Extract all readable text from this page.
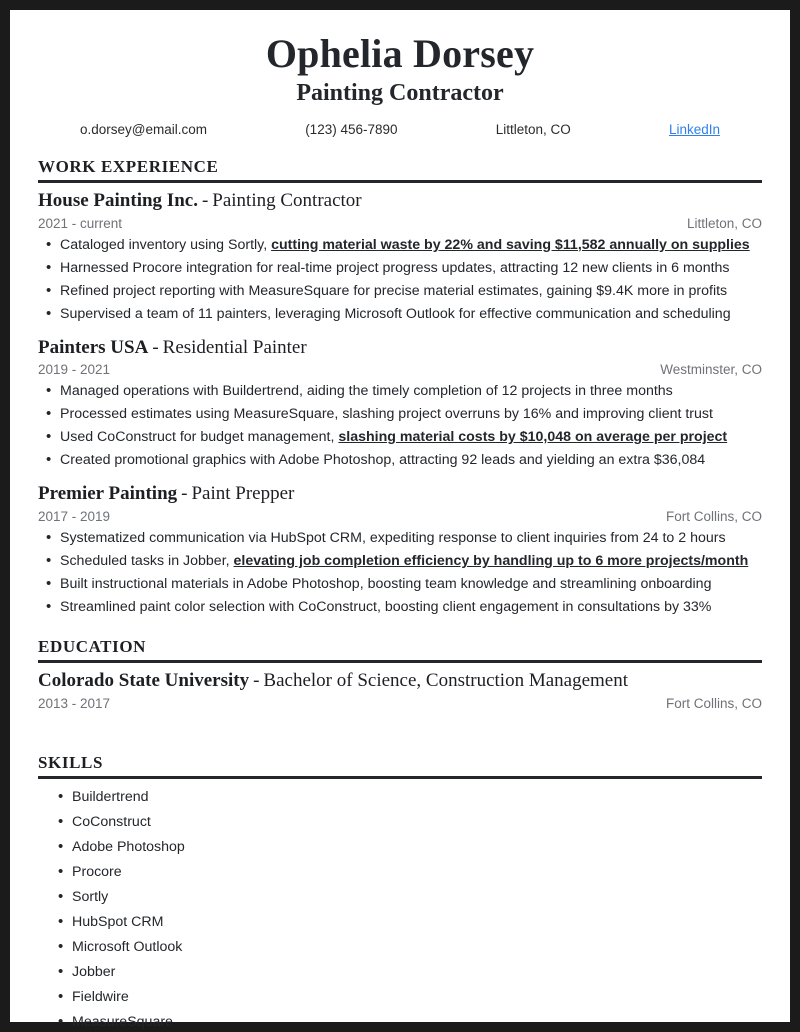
Ophelia Dorsey
Painting Contractor
o.dorsey@email.com	(123) 456-7890	Littleton, CO	LinkedIn
WORK EXPERIENCE
House Painting Inc. - Painting Contractor
2021 - current	Littleton, CO
• Cataloged inventory using Sortly, cutting material waste by 22% and saving $11,582 annually on supplies
• Harnessed Procore integration for real-time project progress updates, attracting 12 new clients in 6 months
• Refined project reporting with MeasureSquare for precise material estimates, gaining $9.4K more in profits
• Supervised a team of 11 painters, leveraging Microsoft Outlook for effective communication and scheduling
Painters USA - Residential Painter
2019 - 2021	Westminster, CO
• Managed operations with Buildertrend, aiding the timely completion of 12 projects in three months
• Processed estimates using MeasureSquare, slashing project overruns by 16% and improving client trust
• Used CoConstruct for budget management, slashing material costs by $10,048 on average per project
• Created promotional graphics with Adobe Photoshop, attracting 92 leads and yielding an extra $36,084
Premier Painting - Paint Prepper
2017 - 2019	Fort Collins, CO
• Systematized communication via HubSpot CRM, expediting response to client inquiries from 24 to 2 hours
• Scheduled tasks in Jobber, elevating job completion efficiency by handling up to 6 more projects/month
• Built instructional materials in Adobe Photoshop, boosting team knowledge and streamlining onboarding
• Streamlined paint color selection with CoConstruct, boosting client engagement in consultations by 33%
EDUCATION
Colorado State University - Bachelor of Science, Construction Management
2013 - 2017	Fort Collins, CO
SKILLS
• Buildertrend
• CoConstruct
• Adobe Photoshop
• Procore
• Sortly
• HubSpot CRM
• Microsoft Outlook
• Jobber
• Fieldwire
• MeasureSquare
